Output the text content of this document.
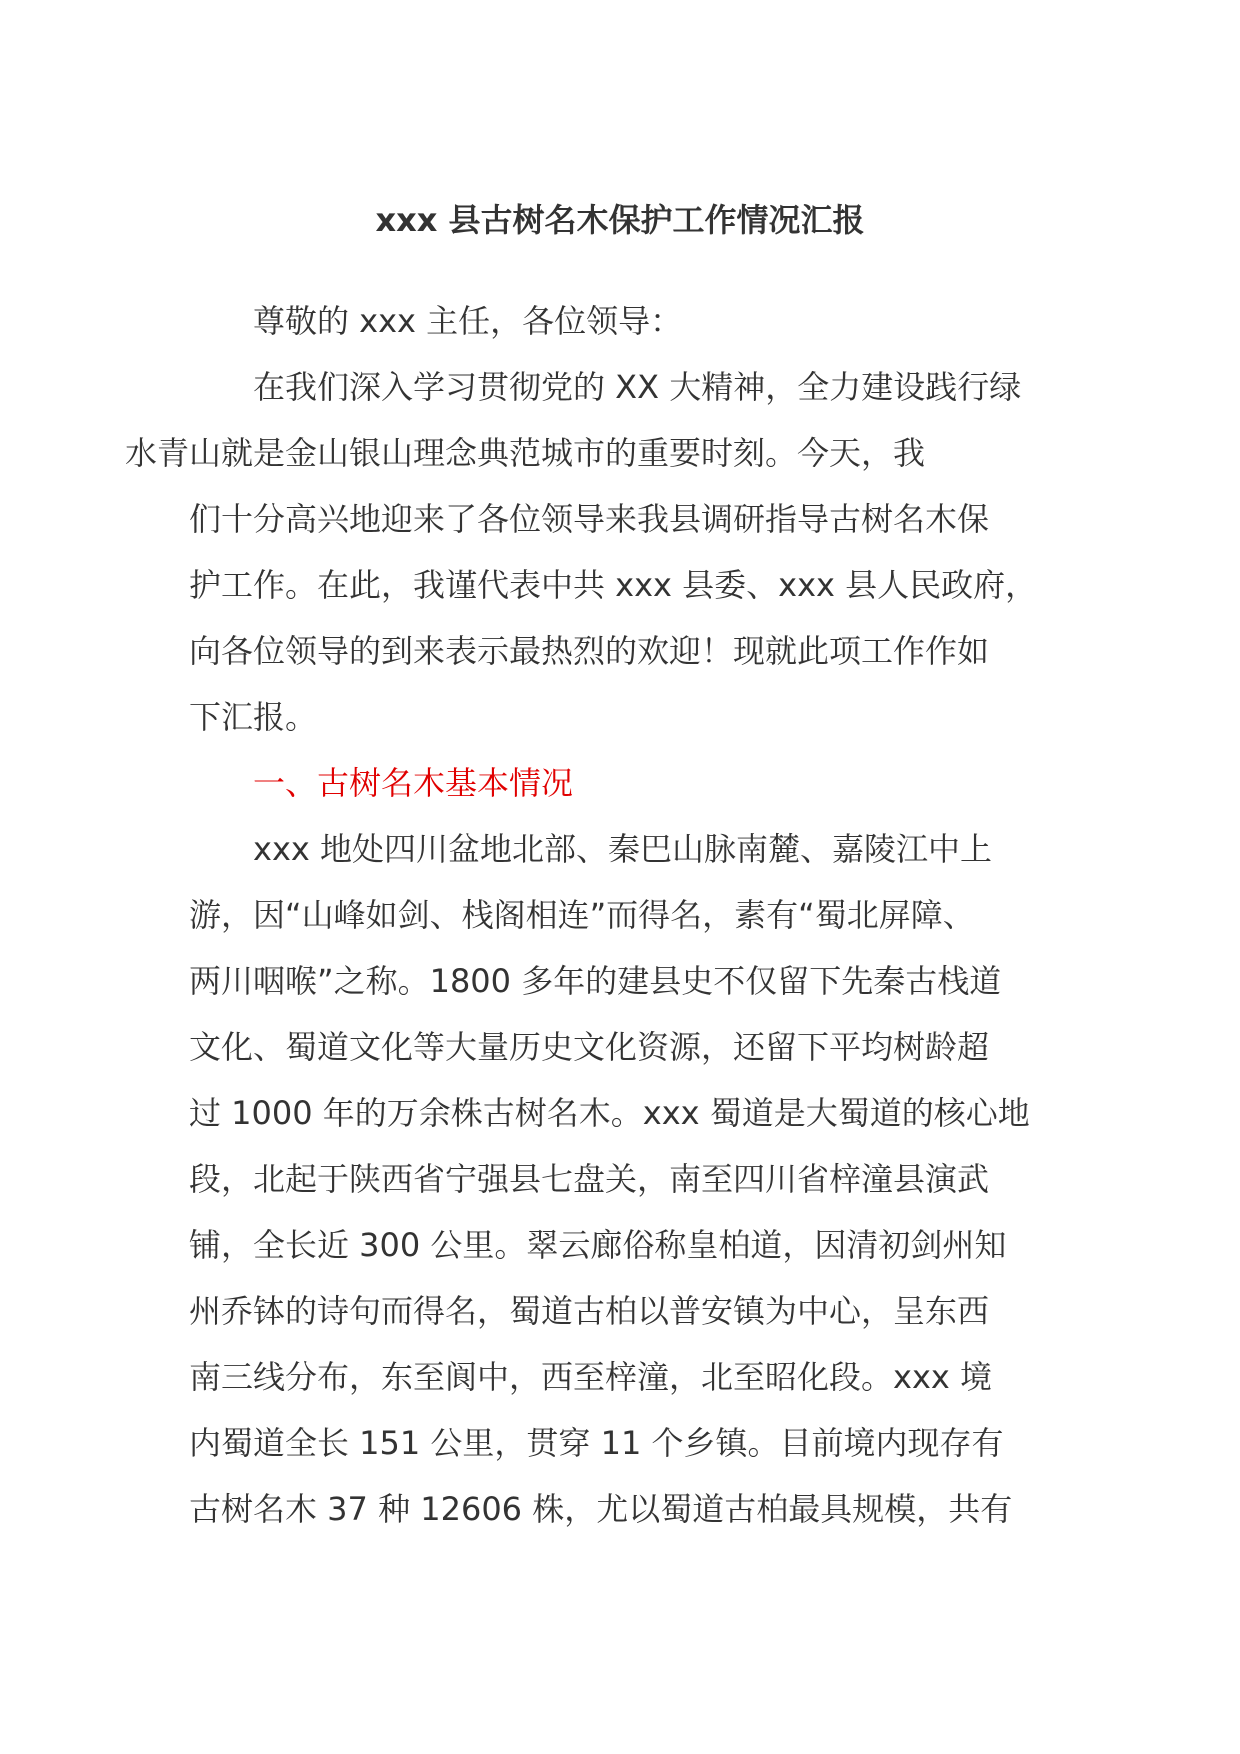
xxx 县古树名木保护工作情况汇报

尊敬的 xxx 主任，各位领导：

在我们深入学习贯彻党的 XX 大精神，全力建设践行绿
水青山就是金山银山理念典范城市的重要时刻。今天，我
们十分高兴地迎来了各位领导来我县调研指导古树名木保
护工作。在此，我谨代表中共 xxx 县委、xxx 县人民政府，
向各位领导的到来表示最热烈的欢迎！现就此项工作作如
下汇报。

一、古树名木基本情况

xxx 地处四川盆地北部、秦巴山脉南麓、嘉陵江中上
游，因“山峰如剑、栈阁相连”而得名，素有“蜀北屏障、
两川咽喉”之称。1800 多年的建县史不仅留下先秦古栈道
文化、蜀道文化等大量历史文化资源，还留下平均树龄超
过 1000 年的万余株古树名木。xxx 蜀道是大蜀道的核心地
段，北起于陕西省宁强县七盘关，南至四川省梓潼县演武
铺，全长近 300 公里。翠云廊俗称皇柏道，因清初剑州知
州乔钵的诗句而得名，蜀道古柏以普安镇为中心，呈东西
南三线分布，东至阆中，西至梓潼，北至昭化段。xxx 境
内蜀道全长 151 公里，贯穿 11 个乡镇。目前境内现存有
古树名木 37 种 12606 株，尤以蜀道古柏最具规模，共有
